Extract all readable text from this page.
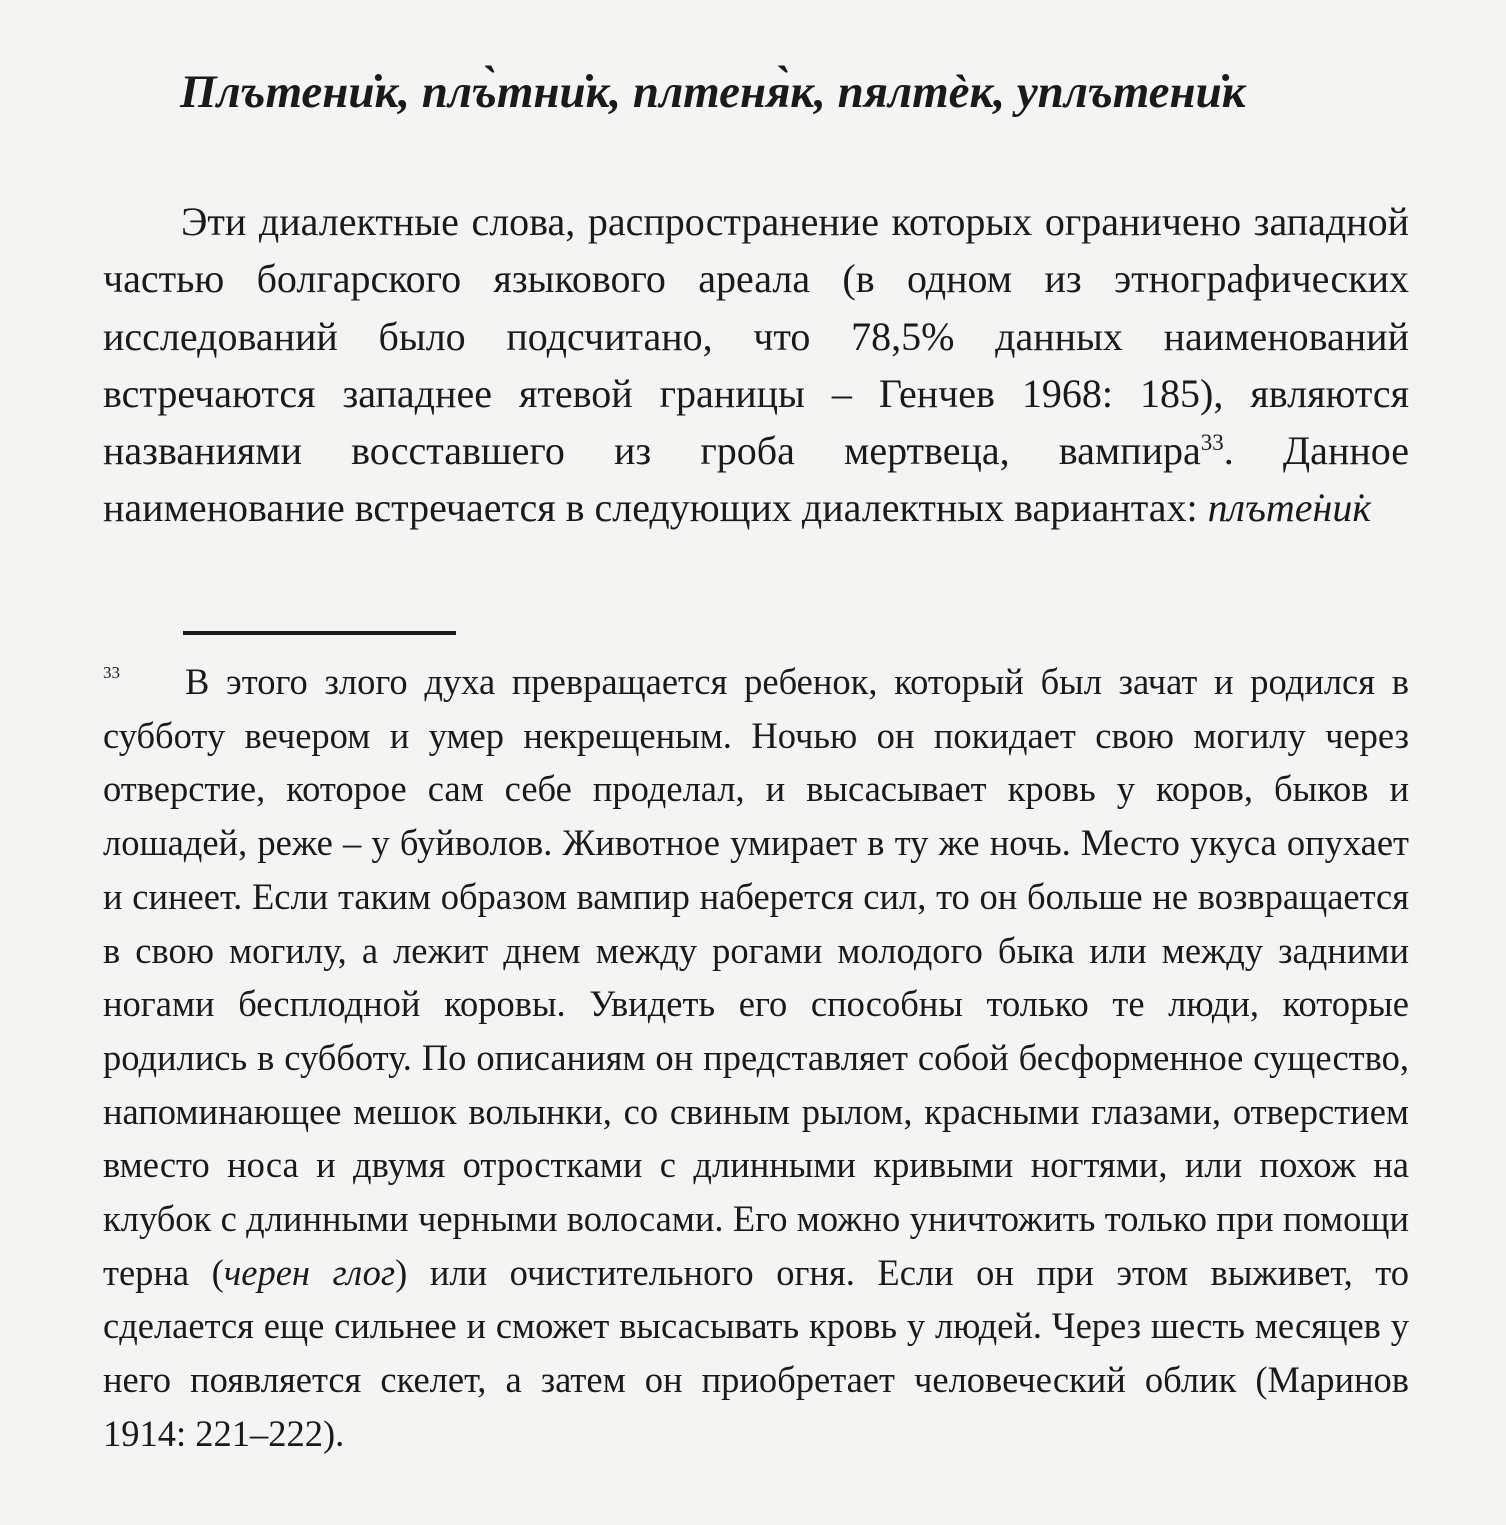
Плътени̇к, плъ̀тни̇к, плтеня̀к, пялтѐк, уплътени̇к

Эти диалектные слова, распространение которых ограничено западной частью болгарского языкового ареала (в одном из этнографических исследований было подсчитано, что 78,5% данных наименований встречаются западнее ятевой границы – Генчев 1968: 185), являются названиями восставшего из гроба мертвеца, вампира$^{33}$. Данное наименование встречается в следующих диалектных вариантах: плъте̇ни̇к

33	В этого злого духа превращается ребенок, который был зачат и родился в субботу вечером и умер некрещеным. Ночью он покидает свою могилу через отверстие, которое сам себе проделал, и высасывает кровь у коров, быков и лошадей, реже – у буйволов. Животное умирает в ту же ночь. Место укуса опухает и синеет. Если таким образом вампир наберется сил, то он больше не возвращается в свою могилу, а лежит днем между рогами молодого быка или между задними ногами бесплодной коровы. Увидеть его способны только те люди, которые родились в субботу. По описаниям он представляет собой бесформенное существо, напоминающее мешок волынки, со свиным рылом, красными глазами, отверстием вместо носа и двумя отростками с длинными кривыми ногтями, или похож на клубок с длинными черными волосами. Его можно уничтожить только при помощи терна (черен глог) или очистительного огня. Если он при этом выживет, то сделается еще сильнее и сможет высасывать кровь у людей. Через шесть месяцев у него появляется скелет, а затем он приобретает человеческий облик (Маринов 1914: 221–222).
